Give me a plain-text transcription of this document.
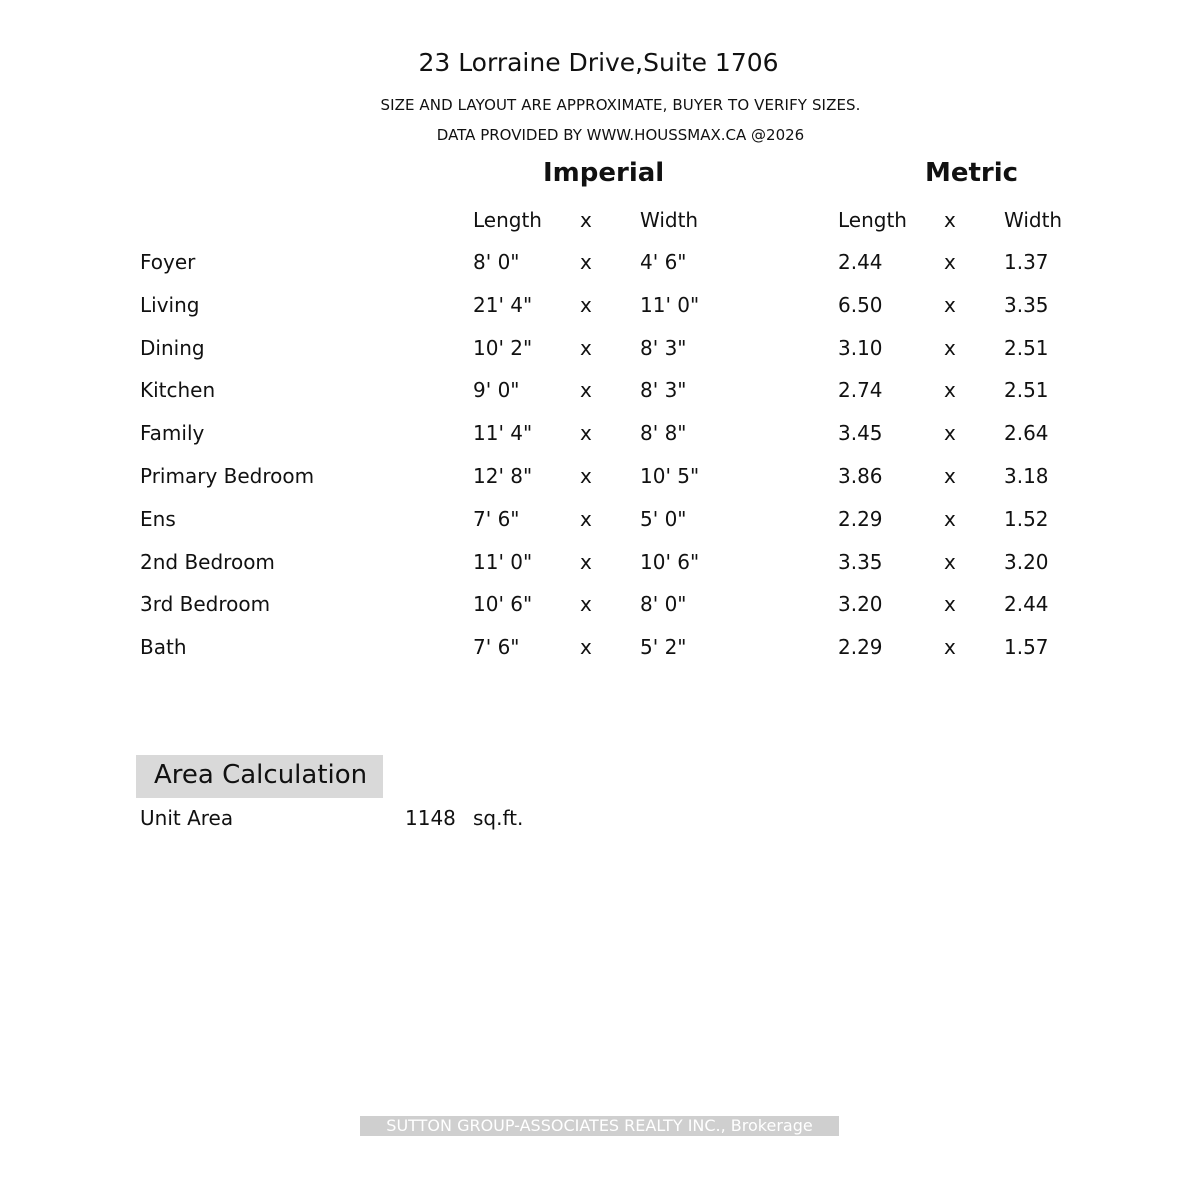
23 Lorraine Drive,Suite 1706
SIZE AND LAYOUT ARE APPROXIMATE, BUYER TO VERIFY SIZES.
DATA PROVIDED BY WWW.HOUSSMAX.CA @2026
Imperial	Metric
Length x Width	Length x Width
Foyer	8' 0"	x 4' 6"	2.44	x 1.37
Living	21' 4" x 11' 0"	6.50	x 3.35
Dining	10' 2" x 8' 3"	3.10	x 2.51
Kitchen	9' 0"	x 8' 3"	2.74	x 2.51
Family	11' 4" x 8' 8"	3.45	x 2.64
Primary Bedroom	12' 8" x 10' 5"	3.86	x 3.18
Ens	7' 6"	x 5' 0"	2.29	x 1.52
2nd Bedroom	11' 0" x 10' 6"	3.35	x 3.20
3rd Bedroom	10' 6" x 8' 0"	3.20	x 2.44
Bath	7' 6"	x 5' 2"	2.29	x 1.57
Area Calculation
Unit Area	1148 sq.ft.
SUTTON GROUP-ASSOCIATES REALTY INC., Brokerage
